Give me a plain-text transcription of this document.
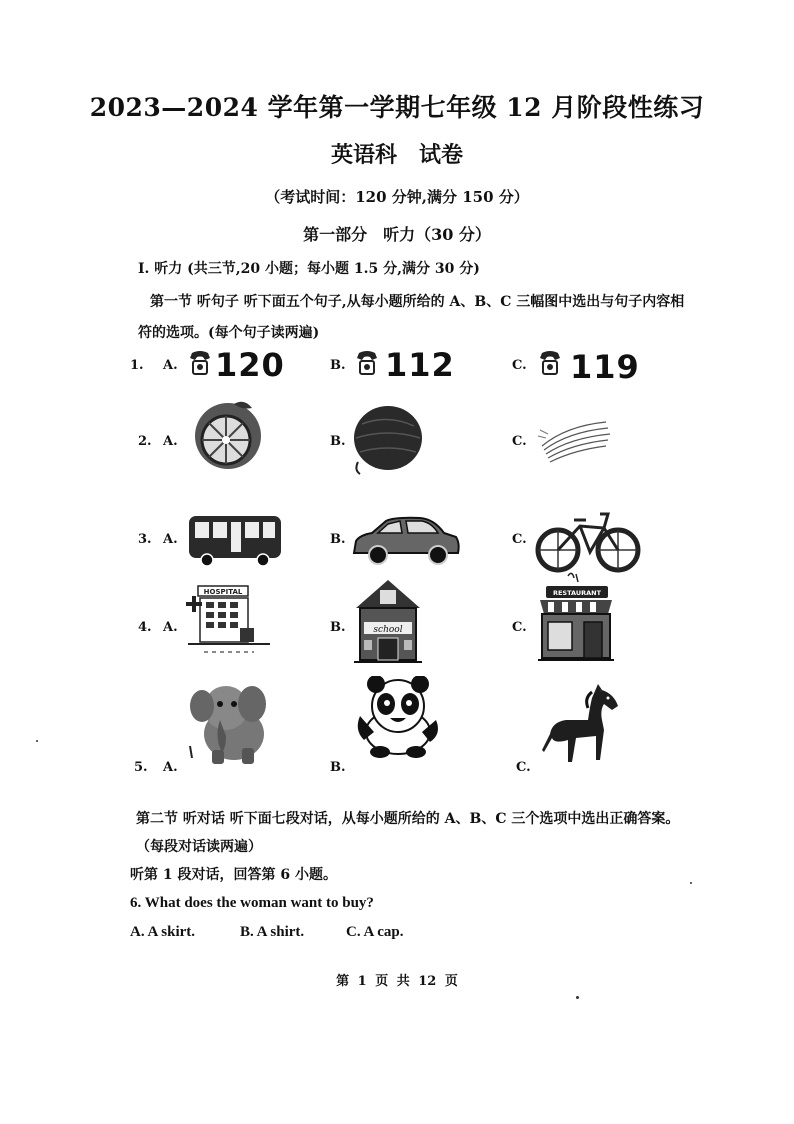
2023—2024 学年第一学期七年级 12 月阶段性练习
英语科　试卷
（考试时间：120 分钟,满分 150 分）
第一部分　听力（30 分）
Ⅰ. 听力 (共三节,20 小题；每小题 1.5 分,满分 30 分)
第一节 听句子 听下面五个句子,从每小题所给的 A、B、C 三幅图中选出与句子内容相
符的选项。(每个句子读两遍)
1. A. 120	B. 112	C. 119
2. A.	B.	C.
3. A.	B.	C.
4. A.
HOSPITAL
B.	school	C.
RESTAURANT
5. A.	B.	C.
第二节 听对话 听下面七段对话，从每小题所给的 A、B、C 三个选项中选出正确答案。
（每段对话读两遍）
听第 1 段对话，回答第 6 小题。
6. What does the woman want to buy?
A. A skirt.	B. A shirt.	C. A cap.
第 1 页 共 12 页
